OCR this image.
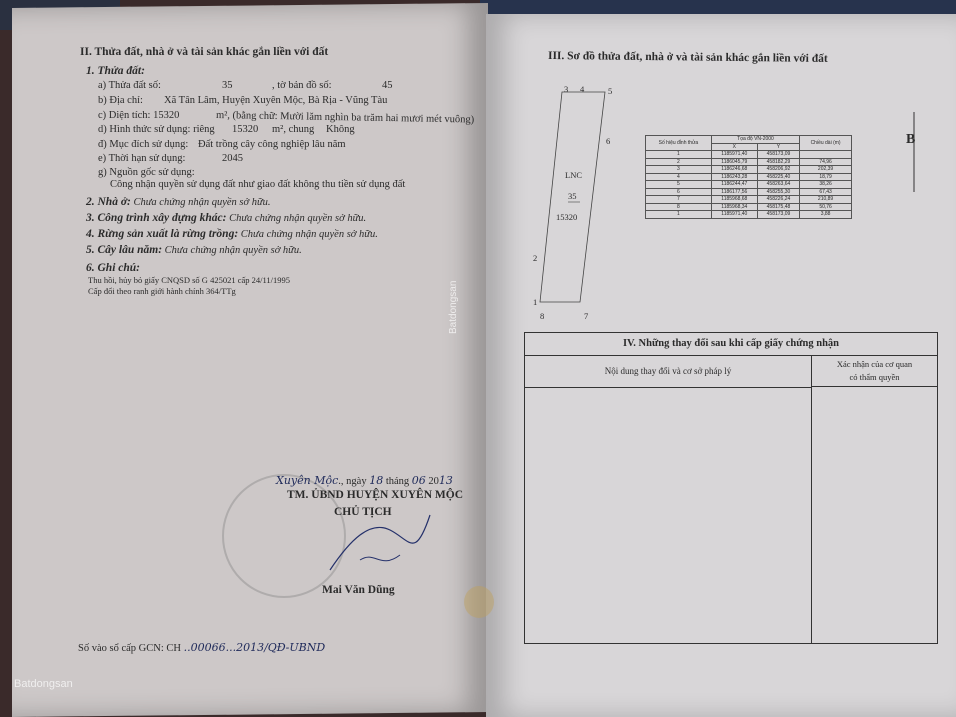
II. Thửa đất, nhà ở và tài sản khác gắn liền với đất
1. Thửa đất:
a) Thửa đất số:	35	, tờ bản đồ số:	45
b) Địa chỉ: Xã Tân Lâm, Huyện Xuyên Mộc, Bà Rịa - Vũng Tàu
c) Diện tích: 15320	m², (bằng chữ: Mười lăm nghìn ba trăm hai mươi mét vuông)
d) Hình thức sử dụng: riêng 15320 m², chung Không
đ) Mục đích sử dụng: Đất trồng cây công nghiệp lâu năm
e) Thời hạn sử dụng:	2045
g) Nguồn gốc sử dụng:
Công nhận quyền sử dụng đất như giao đất không thu tiền sử dụng đất
2. Nhà ở: Chưa chứng nhận quyền sở hữu.
3. Công trình xây dựng khác: Chưa chứng nhận quyền sở hữu.
4. Rừng sản xuất là rừng trồng: Chưa chứng nhận quyền sở hữu.
5. Cây lâu năm: Chưa chứng nhận quyền sở hữu.
6. Ghi chú:
Thu hồi, hủy bỏ giấy CNQSD số G 425021 cấp 24/11/1995
Cấp đổi theo ranh giới hành chính 364/TTg
Xuyên Mộc., ngày 18 tháng 06 2013
TM. ỦBND HUYỆN XUYÊN MỘC
CHỦ TỊCH
Mai Văn Dũng
Số vào sổ cấp GCN: CH ..00066...2013/QĐ-UBND
III. Sơ đồ thửa đất, nhà ở và tài sản khác gắn liền với đất
3 4	5
6
2
1
8	7
LNC
35
15320
B
Số hiệu đỉnh thửa	Tọa độ VN-2000		Chiều dài (m)
	X	Y	
1	1185971,40	458173,09	
2	1186045,79	458182,29	74,96
3	1186246,68	458206,92	202,39
4	1186243,28	458225,40	18,79
5	1186244,47	458263,64	38,26
6	1186177,56	458255,30	67,43
7	1185968,68	458226,24	210,89
8	1185968,34	458175,48	50,76
1	1185971,40	458173,09	3,88
IV. Những thay đổi sau khi cấp giấy chứng nhận
Nội dung thay đổi và cơ sở pháp lý
Xác nhận của cơ quan
có thẩm quyền
Batdongsan
Batdongsan
